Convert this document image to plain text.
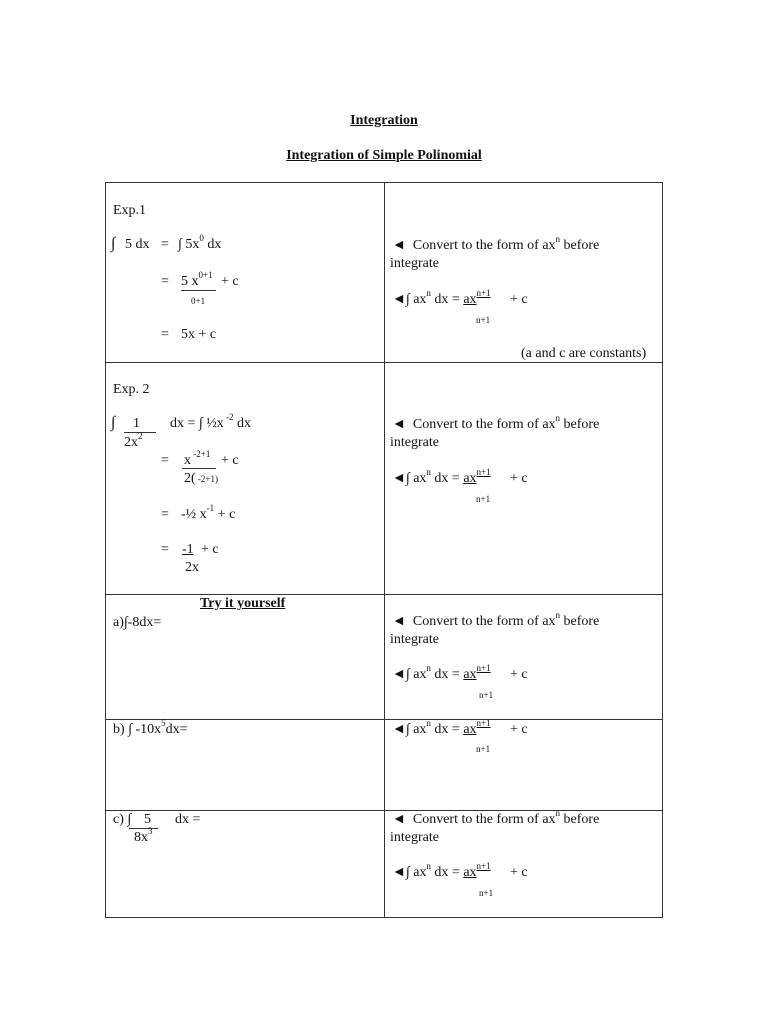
Integration
Integration of Simple Polinomial
Exp.1
∫ 5 dx = ∫ $5x^0$ dx
= 5 $x^{0+1} + c$
0+1
= 5x + c
◄ Convert to the form of $ax^n$ before
integrate
◄∫ $ax^n$ dx = $ax^{n+1} + c$
n+1
(a and c are constants)
Exp. 2
∫ 1
$2x^2$
dx = ∫ ½x $^{-2}$ dx
= x $^{-2+1}$ + c
2( -2+1)
= -½ $x^{-1} + c$
= -1 + c
2x
◄ Convert to the form of $ax^n$ before
integrate
◄∫ $ax^n$ dx = $ax^{n+1} + c$
n+1
Try it yourself
a)∫-8dx=	◄ Convert to the form of $ax^n$ before
integrate
◄∫ $ax^n$ dx = $ax^{n+1} + c$
n+1
b) ∫ $-10x^5dx=$	◄∫ $ax^n$ dx = $ax^{n+1} + c$
n+1
c) ∫ 5 dx =
$8x^3$
◄ Convert to the form of $ax^n$ before
integrate
◄∫ $ax^n$ dx = $ax^{n+1} + c$
n+1
